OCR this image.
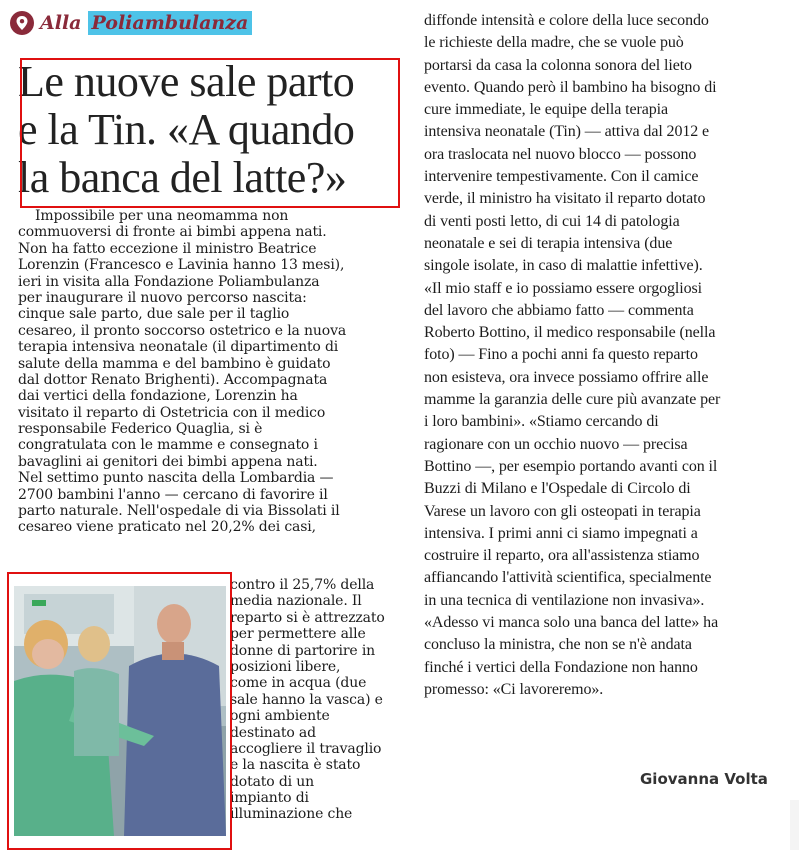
Alla Poliambulanza
Le nuove sale parto
e la Tin. «A quando
la banca del latte?»
Impossibile per una neomamma non
commuoversi di fronte ai bimbi appena nati.
Non ha fatto eccezione il ministro Beatrice
Lorenzin (Francesco e Lavinia hanno 13 mesi),
ieri in visita alla Fondazione Poliambulanza
per inaugurare il nuovo percorso nascita:
cinque sale parto, due sale per il taglio
cesareo, il pronto soccorso ostetrico e la nuova
terapia intensiva neonatale (il dipartimento di
salute della mamma e del bambino è guidato
dal dottor Renato Brighenti). Accompagnata
dai vertici della fondazione, Lorenzin ha
visitato il reparto di Ostetricia con il medico
responsabile Federico Quaglia, si è
congratulata con le mamme e consegnato i
bavaglini ai genitori dei bimbi appena nati.
Nel settimo punto nascita della Lombardia —
2700 bambini l'anno — cercano di favorire il
parto naturale. Nell'ospedale di via Bissolati il
cesareo viene praticato nel 20,2% dei casi,
contro il 25,7% della
media nazionale. Il
reparto si è attrezzato
per permettere alle
donne di partorire in
posizioni libere,
come in acqua (due
sale hanno la vasca) e
ogni ambiente
destinato ad
accogliere il travaglio
e la nascita è stato
dotato di un
impianto di
illuminazione che
diffonde intensità e colore della luce secondo
le richieste della madre, che se vuole può
portarsi da casa la colonna sonora del lieto
evento. Quando però il bambino ha bisogno di
cure immediate, le equipe della terapia
intensiva neonatale (Tin) — attiva dal 2012 e
ora traslocata nel nuovo blocco — possono
intervenire tempestivamente. Con il camice
verde, il ministro ha visitato il reparto dotato
di venti posti letto, di cui 14 di patologia
neonatale e sei di terapia intensiva (due
singole isolate, in caso di malattie infettive).
«Il mio staff e io possiamo essere orgogliosi
del lavoro che abbiamo fatto — commenta
Roberto Bottino, il medico responsabile (nella
foto) — Fino a pochi anni fa questo reparto
non esisteva, ora invece possiamo offrire alle
mamme la garanzia delle cure più avanzate per
i loro bambini». «Stiamo cercando di
ragionare con un occhio nuovo — precisa
Bottino —, per esempio portando avanti con il
Buzzi di Milano e l'Ospedale di Circolo di
Varese un lavoro con gli osteopati in terapia
intensiva. I primi anni ci siamo impegnati a
costruire il reparto, ora all'assistenza stiamo
affiancando l'attività scientifica, specialmente
in una tecnica di ventilazione non invasiva».
«Adesso vi manca solo una banca del latte» ha
concluso la ministra, che non se n'è andata
finché i vertici della Fondazione non hanno
promesso: «Ci lavoreremo».
Giovanna Volta
